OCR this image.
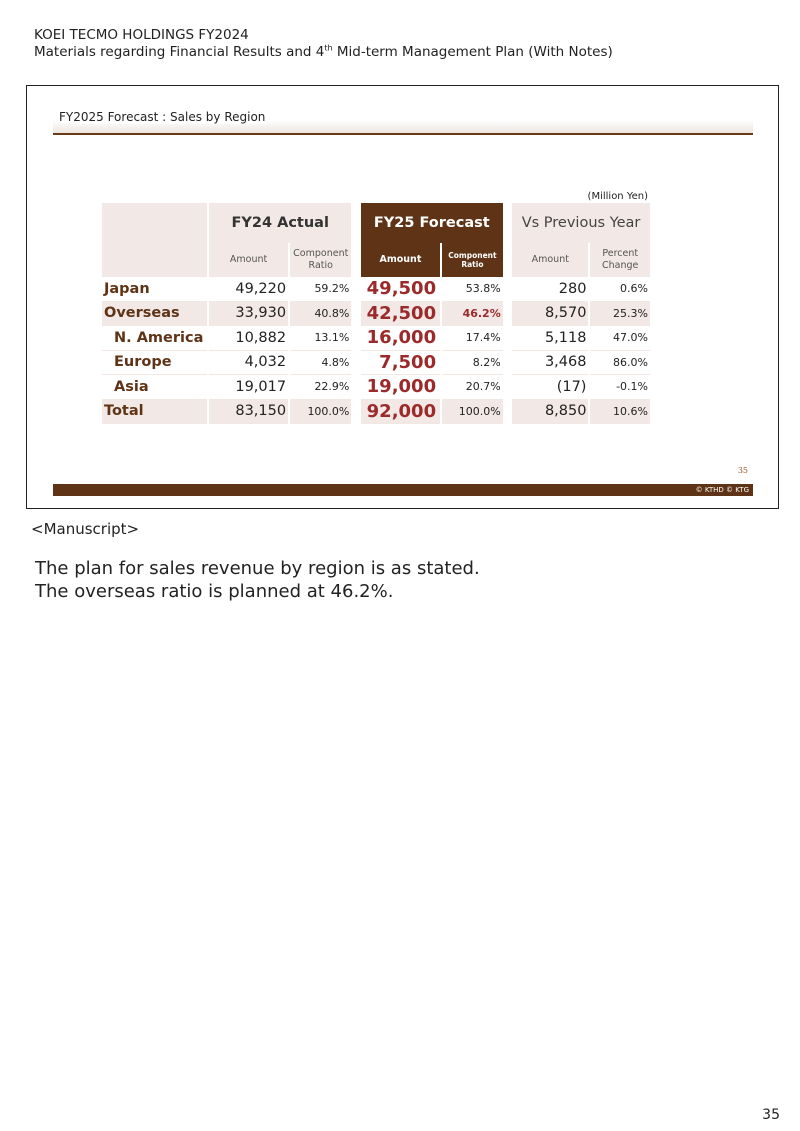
KOEI TECMO HOLDINGS FY2024
Materials regarding Financial Results and 4th Mid-term Management Plan (With Notes)
FY2025 Forecast : Sales by Region
(Million Yen)
	FY24 Actual			FY25 Forecast			Vs Previous Year	
	Amount	Component Ratio		Amount	Component Ratio		Amount	Percent Change
Japan	49,220	59.2%		49,500	53.8%		280	0.6%
Overseas	33,930	40.8%		42,500	46.2%		8,570	25.3%
N. America	10,882	13.1%		16,000	17.4%		5,118	47.0%
Europe	4,032	4.8%		7,500	8.2%		3,468	86.0%
Asia	19,017	22.9%		19,000	20.7%		(17)	-0.1%
Total	83,150	100.0%		92,000	100.0%		8,850	10.6%
35
© KTHD © KTG
<Manuscript>
The plan for sales revenue by region is as stated.
The overseas ratio is planned at 46.2%.
35
